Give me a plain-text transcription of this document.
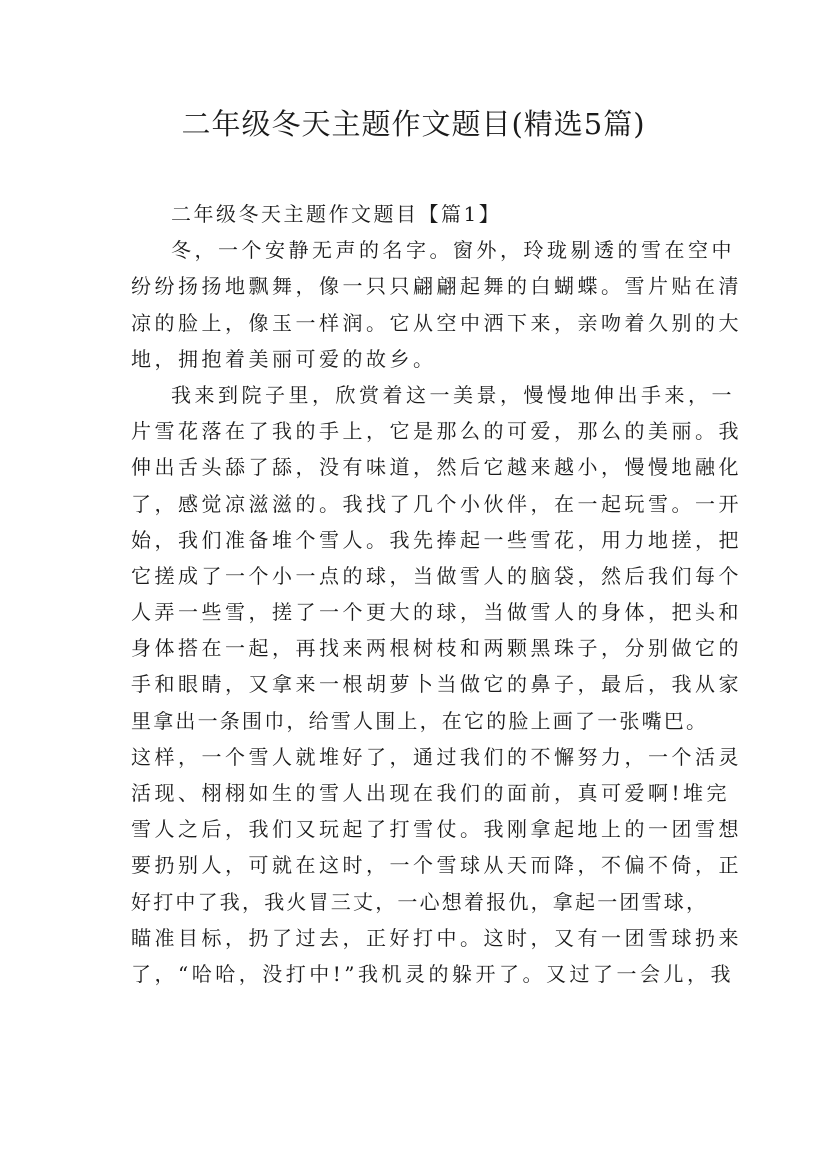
二年级冬天主题作文题目(精选5篇)
二年级冬天主题作文题目【篇1】
冬，一个安静无声的名字。窗外，玲珑剔透的雪在空中
纷纷扬扬地飘舞，像一只只翩翩起舞的白蝴蝶。雪片贴在清
凉的脸上，像玉一样润。它从空中洒下来，亲吻着久别的大
地，拥抱着美丽可爱的故乡。
我来到院子里，欣赏着这一美景，慢慢地伸出手来，一
片雪花落在了我的手上，它是那么的可爱，那么的美丽。我
伸出舌头舔了舔，没有味道，然后它越来越小，慢慢地融化
了，感觉凉滋滋的。我找了几个小伙伴，在一起玩雪。一开
始，我们准备堆个雪人。我先捧起一些雪花，用力地搓，把
它搓成了一个小一点的球，当做雪人的脑袋，然后我们每个
人弄一些雪，搓了一个更大的球，当做雪人的身体，把头和
身体搭在一起，再找来两根树枝和两颗黑珠子，分别做它的
手和眼睛，又拿来一根胡萝卜当做它的鼻子，最后，我从家
里拿出一条围巾，给雪人围上，在它的脸上画了一张嘴巴。
这样，一个雪人就堆好了，通过我们的不懈努力，一个活灵
活现、栩栩如生的雪人出现在我们的面前，真可爱啊!堆完
雪人之后，我们又玩起了打雪仗。我刚拿起地上的一团雪想
要扔别人，可就在这时，一个雪球从天而降，不偏不倚，正
好打中了我，我火冒三丈，一心想着报仇，拿起一团雪球，
瞄准目标，扔了过去，正好打中。这时，又有一团雪球扔来
了，“哈哈，没打中!”我机灵的躲开了。又过了一会儿，我
